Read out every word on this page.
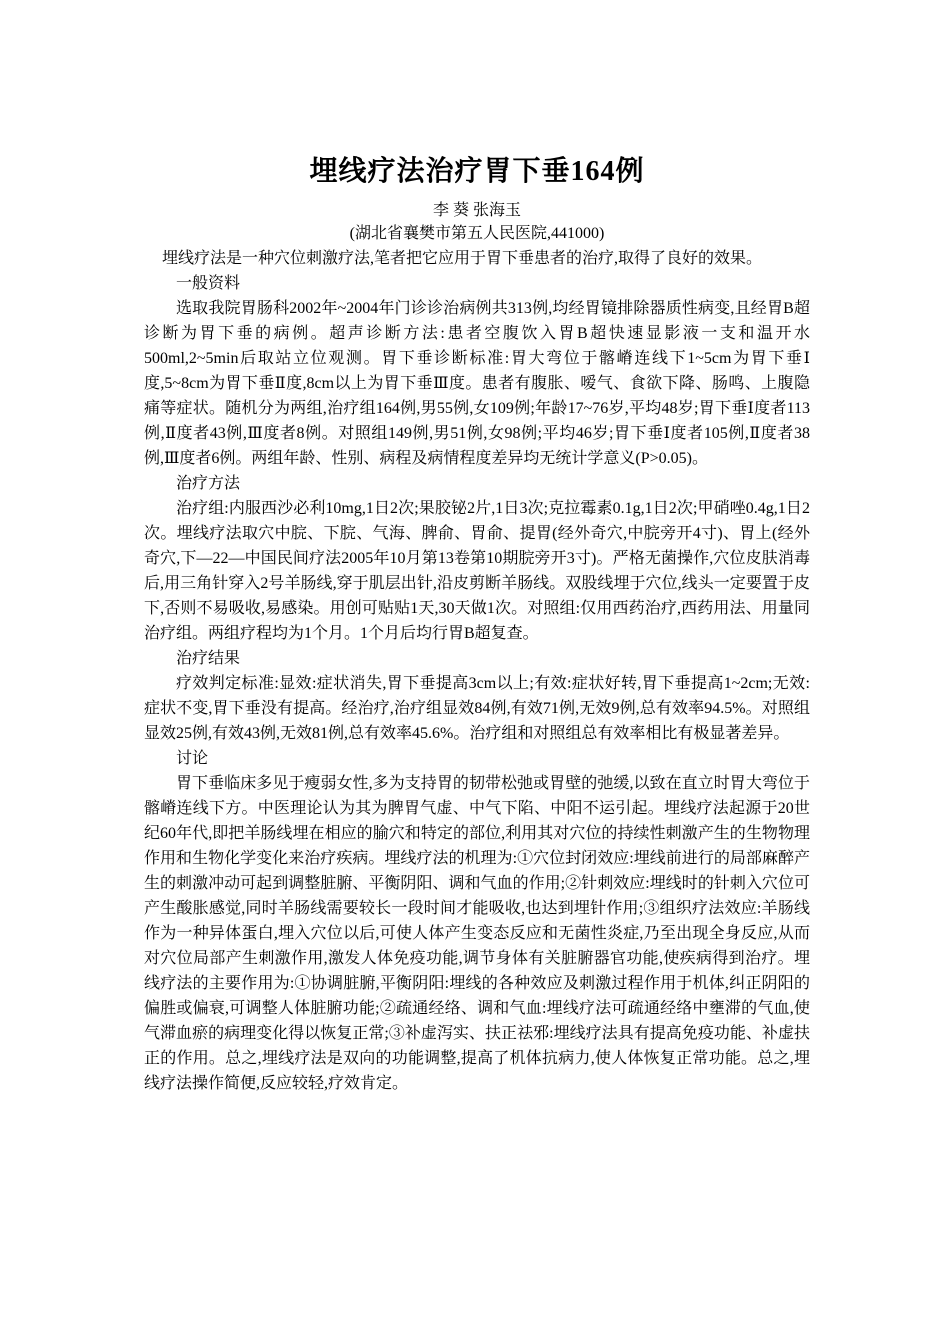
埋线疗法治疗胃下垂164例
李 葵 张海玉
(湖北省襄樊市第五人民医院,441000)

埋线疗法是一种穴位刺激疗法,笔者把它应用于胃下垂患者的治疗,取得了良好的效果。

一般资料

选取我院胃肠科2002年~2004年门诊诊治病例共313例,均经胃镜排除器质性病变,且经胃B超诊断为胃下垂的病例。超声诊断方法:患者空腹饮入胃B超快速显影液一支和温开水500ml,2~5min后取站立位观测。胃下垂诊断标准:胃大弯位于髂嵴连线下1~5cm为胃下垂Ⅰ度,5~8cm为胃下垂Ⅱ度,8cm以上为胃下垂Ⅲ度。患者有腹胀、嗳气、食欲下降、肠鸣、上腹隐痛等症状。随机分为两组,治疗组164例,男55例,女109例;年龄17~76岁,平均48岁;胃下垂Ⅰ度者113例,Ⅱ度者43例,Ⅲ度者8例。对照组149例,男51例,女98例;平均46岁;胃下垂Ⅰ度者105例,Ⅱ度者38例,Ⅲ度者6例。两组年龄、性别、病程及病情程度差异均无统计学意义(P>0.05)。

治疗方法

治疗组:内服西沙必利10mg,1日2次;果胶铋2片,1日3次;克拉霉素0.1g,1日2次;甲硝唑0.4g,1日2次。埋线疗法取穴中脘、下脘、气海、脾俞、胃俞、提胃(经外奇穴,中脘旁开4寸)、胃上(经外奇穴,下—22—中国民间疗法2005年10月第13卷第10期脘旁开3寸)。严格无菌操作,穴位皮肤消毒后,用三角针穿入2号羊肠线,穿于肌层出针,沿皮剪断羊肠线。双股线埋于穴位,线头一定要置于皮下,否则不易吸收,易感染。用创可贴贴1天,30天做1次。对照组:仅用西药治疗,西药用法、用量同治疗组。两组疗程均为1个月。1个月后均行胃B超复查。

治疗结果

疗效判定标准:显效:症状消失,胃下垂提高3cm以上;有效:症状好转,胃下垂提高1~2cm;无效:症状不变,胃下垂没有提高。经治疗,治疗组显效84例,有效71例,无效9例,总有效率94.5%。对照组显效25例,有效43例,无效81例,总有效率45.6%。治疗组和对照组总有效率相比有极显著差异。

讨论

胃下垂临床多见于瘦弱女性,多为支持胃的韧带松弛或胃壁的弛缓,以致在直立时胃大弯位于髂嵴连线下方。中医理论认为其为脾胃气虚、中气下陷、中阳不运引起。埋线疗法起源于20世纪60年代,即把羊肠线埋在相应的腧穴和特定的部位,利用其对穴位的持续性刺激产生的生物物理作用和生物化学变化来治疗疾病。埋线疗法的机理为:①穴位封闭效应:埋线前进行的局部麻醉产生的刺激冲动可起到调整脏腑、平衡阴阳、调和气血的作用;②针刺效应:埋线时的针刺入穴位可产生酸胀感觉,同时羊肠线需要较长一段时间才能吸收,也达到埋针作用;③组织疗法效应:羊肠线作为一种异体蛋白,埋入穴位以后,可使人体产生变态反应和无菌性炎症,乃至出现全身反应,从而对穴位局部产生刺激作用,激发人体免疫功能,调节身体有关脏腑器官功能,使疾病得到治疗。埋线疗法的主要作用为:①协调脏腑,平衡阴阳:埋线的各种效应及刺激过程作用于机体,纠正阴阳的偏胜或偏衰,可调整人体脏腑功能;②疏通经络、调和气血:埋线疗法可疏通经络中壅滞的气血,使气滞血瘀的病理变化得以恢复正常;③补虚泻实、扶正祛邪:埋线疗法具有提高免疫功能、补虚扶正的作用。总之,埋线疗法是双向的功能调整,提高了机体抗病力,使人体恢复正常功能。总之,埋线疗法操作简便,反应较轻,疗效肯定。
